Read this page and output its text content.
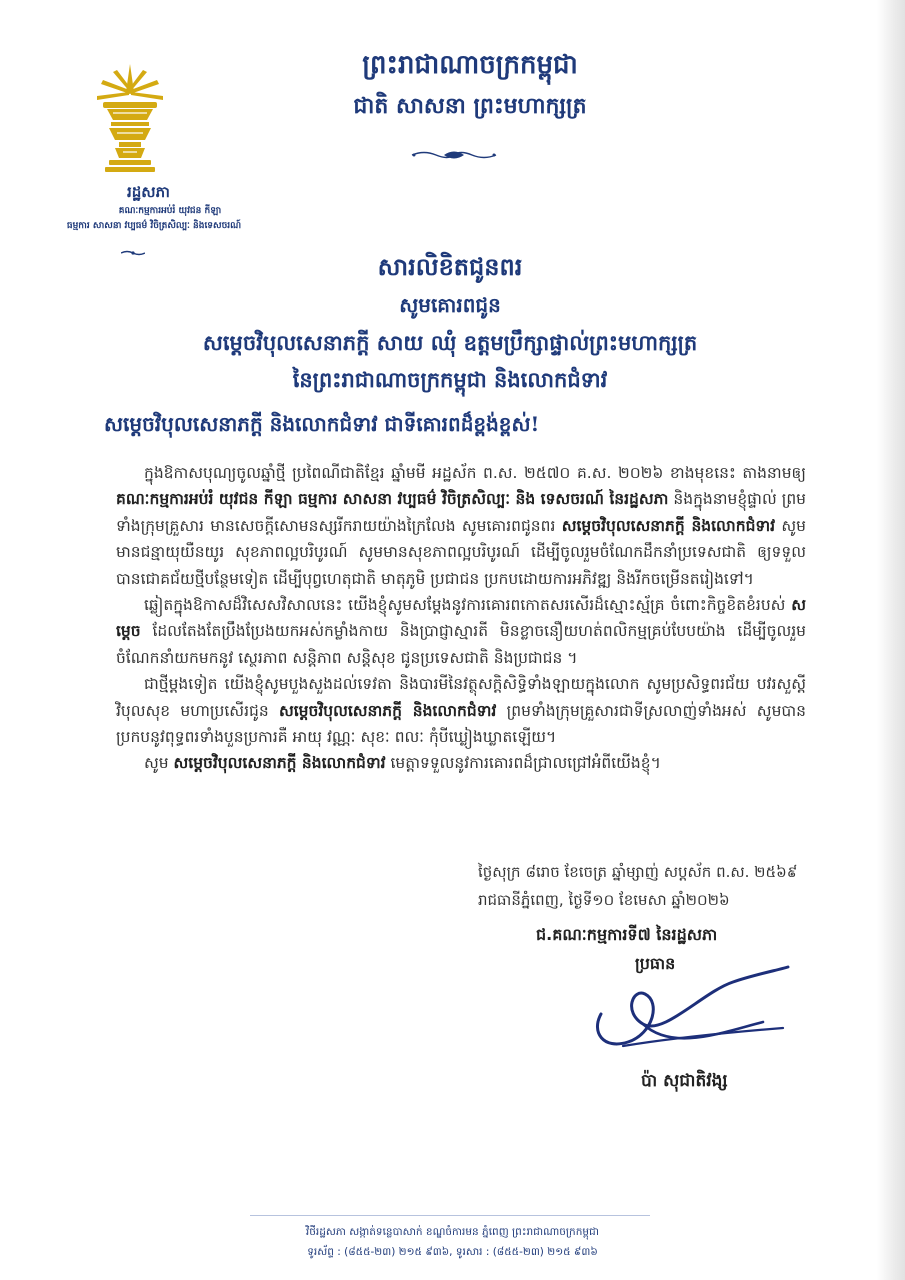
រដ្ឋសភា
គណៈកម្មការអប់រំ យុវជន កីឡា
ធម្មការ សាសនា វប្បធម៌ វិចិត្រសិល្បៈ និងទេសចរណ៍
ព្រះរាជាណាចក្រកម្ពុជា
ជាតិ សាសនា ព្រះមហាក្សត្រ
សារលិខិតជូនពរ
សូមគោរពជូន
សម្តេចវិបុលសេនាភក្តី សាយ ឈុំ ឧត្តមប្រឹក្សាផ្ទាល់ព្រះមហាក្សត្រ
នៃព្រះរាជាណាចក្រកម្ពុជា និងលោកជំទាវ
សម្តេចវិបុលសេនាភក្តី និងលោកជំទាវ ជាទីគោរពដ៏ខ្ពង់ខ្ពស់!

ក្នុងឱកាសបុណ្យចូលឆ្នាំថ្មី ប្រពៃណីជាតិខ្មែរ ឆ្នាំមមី អដ្ឋស័ក ព.ស. ២៥៧០ គ.ស. ២០២៦ ខាងមុខនេះ តាងនាមឲ្យ គណៈកម្មការអប់រំ យុវជន កីឡា ធម្មការ សាសនា វប្បធម៌ វិចិត្រសិល្បៈ និង ទេសចរណ៍ នៃរដ្ឋសភា និងក្នុងនាមខ្ញុំផ្ទាល់ ព្រមទាំងក្រុមគ្រួសារ មានសេចក្តីសោមនស្សរីករាយយ៉ាងក្រៃលែង សូមគោរពជូនពរ សម្តេចវិបុលសេនាភក្តី និងលោកជំទាវ សូមមានជន្មាយុយឺនយូរ សុខភាពល្អបរិបូរណ៍ សូមមានសុខភាពល្អបរិបូរណ៍ ដើម្បីចូលរួមចំណែកដឹកនាំប្រទេសជាតិ ឲ្យទទួលបានជោគជ័យថ្មីបន្ថែមទៀត ដើម្បីបុព្វហេតុជាតិ មាតុភូមិ ប្រជាជន ប្រកបដោយការអភិវឌ្ឍ និងរីកចម្រើនតរៀងទៅ។

ឆ្លៀតក្នុងឱកាសដ៏វិសេសវិសាលនេះ យើងខ្ញុំសូមសម្តែងនូវការគោរពកោតសរសើរដ៏ស្មោះស្ម័គ្រ ចំពោះកិច្ចខិតខំរបស់ សម្តេច ដែលតែងតែប្រឹងប្រែងយកអស់កម្លាំងកាយ និងប្រាជ្ញាស្មារតី មិនខ្លាចនឿយហត់ពលិកម្មគ្រប់បែបយ៉ាង ដើម្បីចូលរួមចំណែកនាំយកមកនូវ ស្ថេរភាព សន្តិភាព សន្តិសុខ ជូនប្រទេសជាតិ និងប្រជាជន ។

ជាថ្មីម្តងទៀត យើងខ្ញុំសូមបួងសួងដល់ទេវតា និងបារមីនៃវត្ថុសក្តិសិទ្ធិទាំងឡាយក្នុងលោក សូមប្រសិទ្ធពរជ័យ បវរសួស្តី វិបុលសុខ មហាប្រសើរជូន សម្តេចវិបុលសេនាភក្តី និងលោកជំទាវ ព្រមទាំងក្រុមគ្រួសារជាទីស្រលាញ់ទាំងអស់ សូមបានប្រកបនូវពុទ្ធពរទាំងបួនប្រការគឺ អាយុ វណ្ណៈ សុខៈ ពលៈ កុំបីឃ្លៀងឃ្លាតឡើយ។

សូម សម្តេចវិបុលសេនាភក្តី និងលោកជំទាវ មេត្តាទទួលនូវការគោរពដ៏ជ្រាលជ្រៅអំពីយើងខ្ញុំ។

ថ្ងៃសុក្រ ៨រោច ខែចេត្រ ឆ្នាំម្សាញ់ សប្តស័ក ព.ស. ២៥៦៩
រាជធានីភ្នំពេញ, ថ្ងៃទី១០ ខែមេសា ឆ្នាំ២០២៦
ជ.គណៈកម្មការទី៧ នៃរដ្ឋសភា
ប្រធាន
ប៉ា សុជាតិវង្ស
វិថីរដ្ឋសភា សង្កាត់ទន្លេបាសាក់ ខណ្ឌចំការមន ភ្នំពេញ ព្រះរាជាណាចក្រកម្ពុជា
ទូរស័ព្ទ : (៨៥៥-២៣) ២១៥ ៩៣៦, ទូរសារ : (៨៥៥-២៣) ២១៥ ៩៣៦
